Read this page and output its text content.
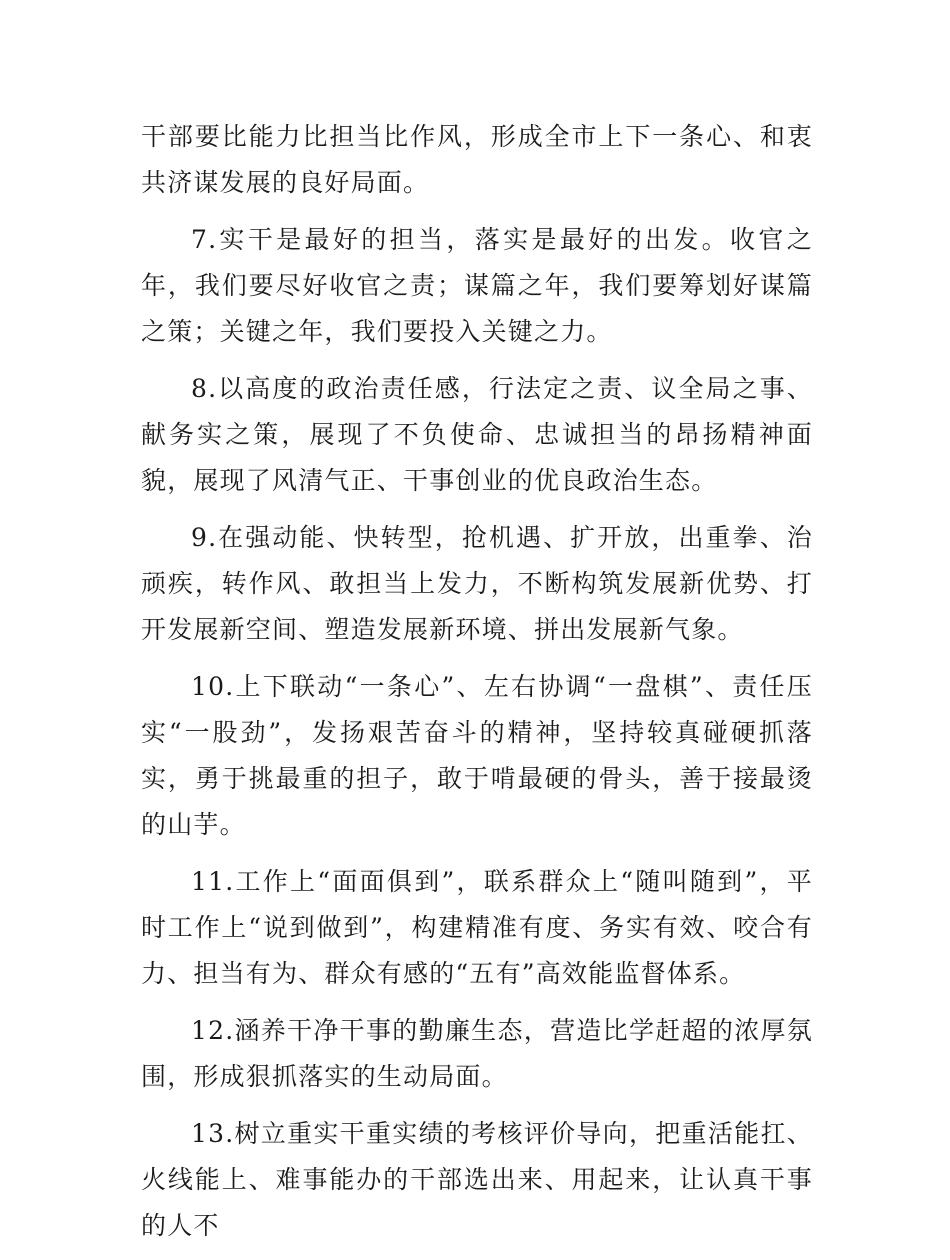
干部要比能力比担当比作风，形成全市上下一条心、和衷共济谋发展的良好局面。

7.实干是最好的担当，落实是最好的出发。收官之年，我们要尽好收官之责；谋篇之年，我们要筹划好谋篇之策；关键之年，我们要投入关键之力。

8.以高度的政治责任感，行法定之责、议全局之事、献务实之策，展现了不负使命、忠诚担当的昂扬精神面貌，展现了风清气正、干事创业的优良政治生态。

9.在强动能、快转型，抢机遇、扩开放，出重拳、治顽疾，转作风、敢担当上发力，不断构筑发展新优势、打开发展新空间、塑造发展新环境、拼出发展新气象。

10.上下联动“一条心”、左右协调“一盘棋”、责任压实“一股劲”，发扬艰苦奋斗的精神，坚持较真碰硬抓落实，勇于挑最重的担子，敢于啃最硬的骨头，善于接最烫的山芋。

11.工作上“面面俱到”，联系群众上“随叫随到”，平时工作上“说到做到”，构建精准有度、务实有效、咬合有力、担当有为、群众有感的“五有”高效能监督体系。

12.涵养干净干事的勤廉生态，营造比学赶超的浓厚氛围，形成狠抓落实的生动局面。

13.树立重实干重实绩的考核评价导向，把重活能扛、火线能上、难事能办的干部选出来、用起来，让认真干事的人不
